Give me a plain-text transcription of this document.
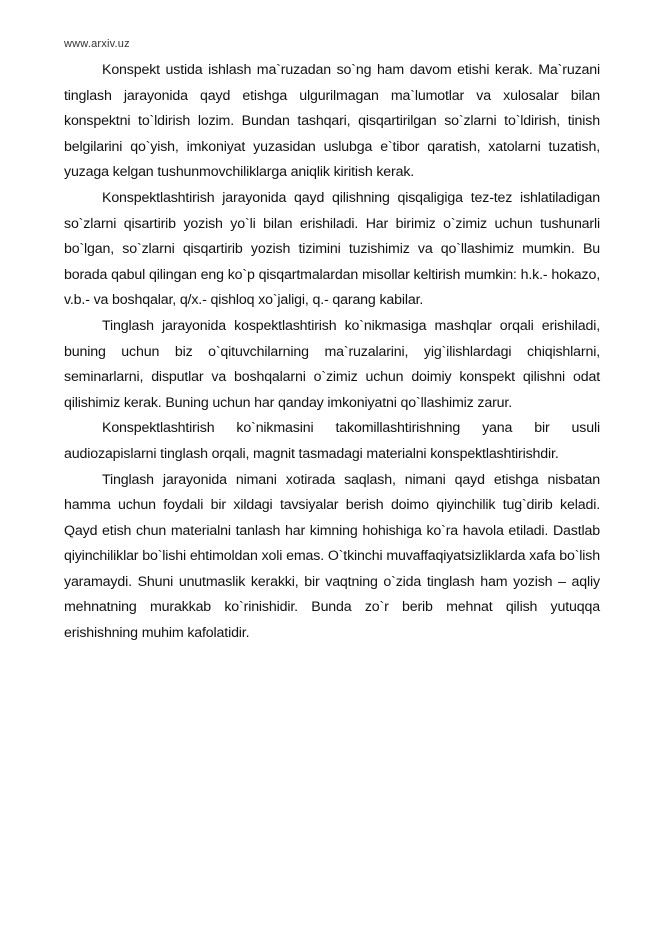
www.arxiv.uz

Konspekt ustida ishlash ma`ruzadan so`ng ham davom etishi kerak. Ma`ruzani tinglash jarayonida qayd etishga ulgurilmagan ma`lumotlar va xulosalar bilan konspektni to`ldirish lozim. Bundan tashqari, qisqartirilgan so`zlarni to`ldirish, tinish belgilarini qo`yish, imkoniyat yuzasidan uslubga e`tibor qaratish, xatolarni tuzatish, yuzaga kelgan tushunmovchiliklarga aniqlik kiritish kerak.

Konspektlashtirish jarayonida qayd qilishning qisqaligiga tez-tez ishlatiladigan so`zlarni qisartirib yozish yo`li bilan erishiladi. Har birimiz o`zimiz uchun tushunarli bo`lgan, so`zlarni qisqartirib yozish tizimini tuzishimiz va qo`llashimiz mumkin. Bu borada qabul qilingan eng ko`p qisqartmalardan misollar keltirish mumkin: h.k.- hokazo, v.b.- va boshqalar, q/x.- qishloq xo`jaligi, q.- qarang kabilar.

Tinglash jarayonida kospektlashtirish ko`nikmasiga mashqlar orqali erishiladi, buning uchun biz o`qituvchilarning ma`ruzalarini, yig`ilishlardagi chiqishlarni, seminarlarni, disputlar va boshqalarni o`zimiz uchun doimiy konspekt qilishni odat qilishimiz kerak. Buning uchun har qanday imkoniyatni qo`llashimiz zarur.

Konspektlashtirish ko`nikmasini takomillashtirishning yana bir usuli audiozapislarni tinglash orqali, magnit tasmadagi materialni konspektlashtirishdir.

Tinglash jarayonida nimani xotirada saqlash, nimani qayd etishga nisbatan hamma uchun foydali bir xildagi tavsiyalar berish doimo qiyinchilik tug`dirib keladi. Qayd etish chun materialni tanlash har kimning hohishiga ko`ra havola etiladi. Dastlab qiyinchiliklar bo`lishi ehtimoldan xoli emas. O`tkinchi muvaffaqiyatsizliklarda xafa bo`lish yaramaydi. Shuni unutmaslik kerakki, bir vaqtning o`zida tinglash ham yozish – aqliy mehnatning murakkab ko`rinishidir. Bunda zo`r berib mehnat qilish yutuqqa erishishning muhim kafolatidir.
